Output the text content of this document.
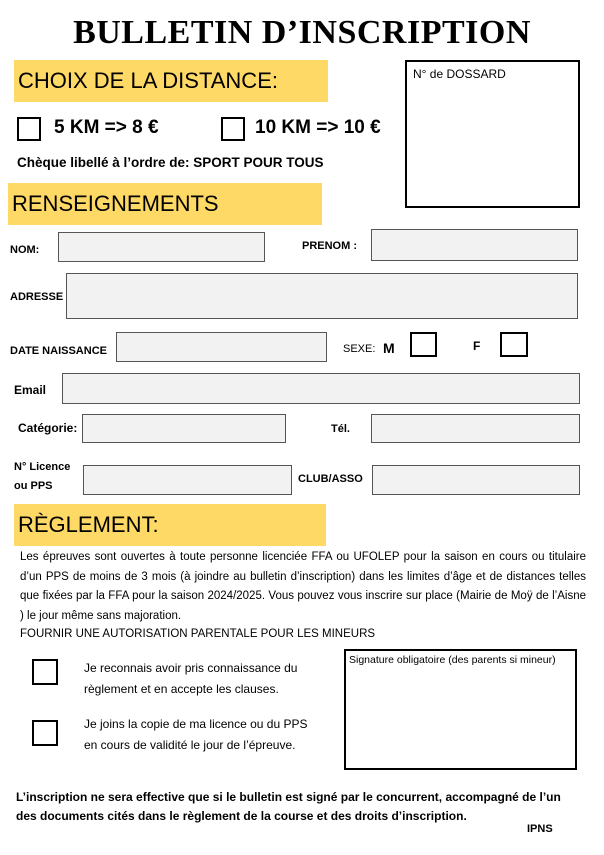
BULLETIN D’INSCRIPTION
N° de DOSSARD
CHOIX DE LA DISTANCE:
5 KM => 8 €	10 KM => 10 €
Chèque libellé à l’ordre de: SPORT POUR TOUS
RENSEIGNEMENTS
NOM:	PRENOM :
ADRESSE
DATE NAISSANCE	SEXE: M	F
Email
Catégorie:	Tél.
N° Licence
ou PPS
CLUB/ASSO
RÈGLEMENT:
Les épreuves sont ouvertes à toute personne licenciée FFA ou UFOLEP pour la saison en cours ou titulaire d’un PPS de moins de 3 mois (à joindre au bulletin d’inscription) dans les limites d’âge et de distances telles que fixées par la FFA pour la saison 2024/2025. Vous pouvez vous inscrire sur place (Mairie de Moÿ de l’Aisne ) le jour même sans majoration.
FOURNIR UNE AUTORISATION PARENTALE POUR LES MINEURS
Je reconnais avoir pris connaissance du
règlement et en accepte les clauses.
Je joins la copie de ma licence ou du PPS
en cours de validité le jour de l’épreuve.
Signature obligatoire (des parents si mineur)
L’inscription ne sera effective que si le bulletin est signé par le concurrent, accompagné de l’un
des documents cités dans le règlement de la course et des droits d’inscription.
IPNS
